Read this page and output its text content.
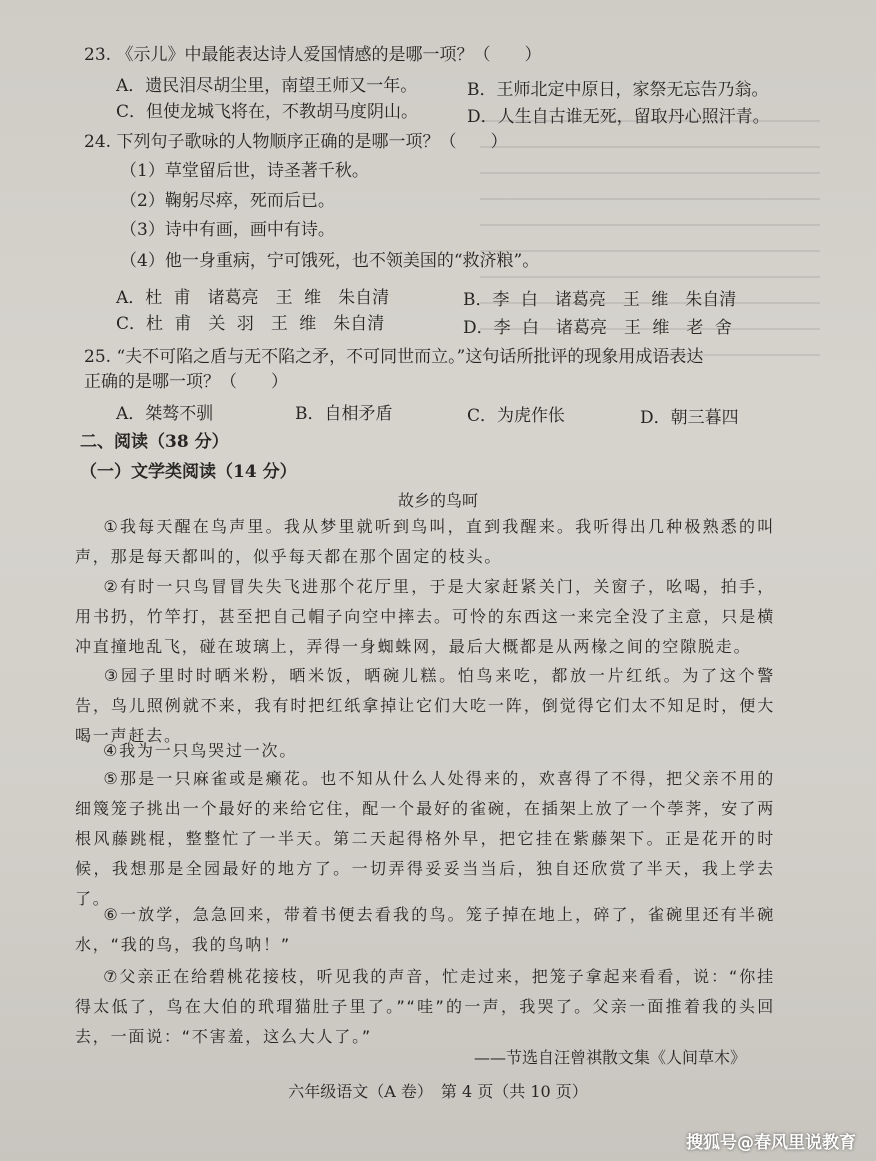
23. 《示儿》中最能表达诗人爱国情感的是哪一项？（　　）
A．遗民泪尽胡尘里，南望王师又一年。	B．王师北定中原日，家祭无忘告乃翁。
C．但使龙城飞将在，不教胡马度阴山。	D．人生自古谁无死，留取丹心照汗青。
24. 下列句子歌咏的人物顺序正确的是哪一项？（　　）
（1）草堂留后世，诗圣著千秋。
（2）鞠躬尽瘁，死而后已。
（3）诗中有画，画中有诗。
（4）他一身重病，宁可饿死，也不领美国的“救济粮”。
A．杜 甫　诸葛亮　王 维　朱自清	B．李 白　诸葛亮　王 维　朱自清
C．杜 甫　关 羽　王 维　朱自清	D．李 白　诸葛亮　王 维　老 舍
25. “夫不可陷之盾与无不陷之矛，不可同世而立。”这句话所批评的现象用成语表达
正确的是哪一项？（　　）
A．桀骜不驯	B．自相矛盾	C．为虎作伥	D．朝三暮四
二、阅读（38 分）
（一）文学类阅读（14 分）
故乡的鸟呵
①我每天醒在鸟声里。我从梦里就听到鸟叫，直到我醒来。我听得出几种极熟悉的叫声，那是每天都叫的，似乎每天都在那个固定的枝头。
②有时一只鸟冒冒失失飞进那个花厅里，于是大家赶紧关门，关窗子，吆喝，拍手，用书扔，竹竿打，甚至把自己帽子向空中摔去。可怜的东西这一来完全没了主意，只是横冲直撞地乱飞，碰在玻璃上，弄得一身蜘蛛网，最后大概都是从两椽之间的空隙脱走。
③园子里时时晒米粉，晒米饭，晒碗儿糕。怕鸟来吃，都放一片红纸。为了这个警告，鸟儿照例就不来，我有时把红纸拿掉让它们大吃一阵，倒觉得它们太不知足时，便大喝一声赶去。
④我为一只鸟哭过一次。
⑤那是一只麻雀或是癞花。也不知从什么人处得来的，欢喜得了不得，把父亲不用的细篾笼子挑出一个最好的来给它住，配一个最好的雀碗，在插架上放了一个荸荠，安了两根风藤跳棍，整整忙了一半天。第二天起得格外早，把它挂在紫藤架下。正是花开的时候，我想那是全园最好的地方了。一切弄得妥妥当当后，独自还欣赏了半天，我上学去了。
⑥一放学，急急回来，带着书便去看我的鸟。笼子掉在地上，碎了，雀碗里还有半碗水，“我的鸟，我的鸟呐！”
⑦父亲正在给碧桃花接枝，听见我的声音，忙走过来，把笼子拿起来看看，说：“你挂得太低了，鸟在大伯的玳瑁猫肚子里了。”“哇”的一声，我哭了。父亲一面推着我的头回去，一面说：“不害羞，这么大人了。”
——节选自汪曾祺散文集《人间草木》
六年级语文（A 卷）　第 4 页（共 10 页）
搜狐号@春风里说教育
